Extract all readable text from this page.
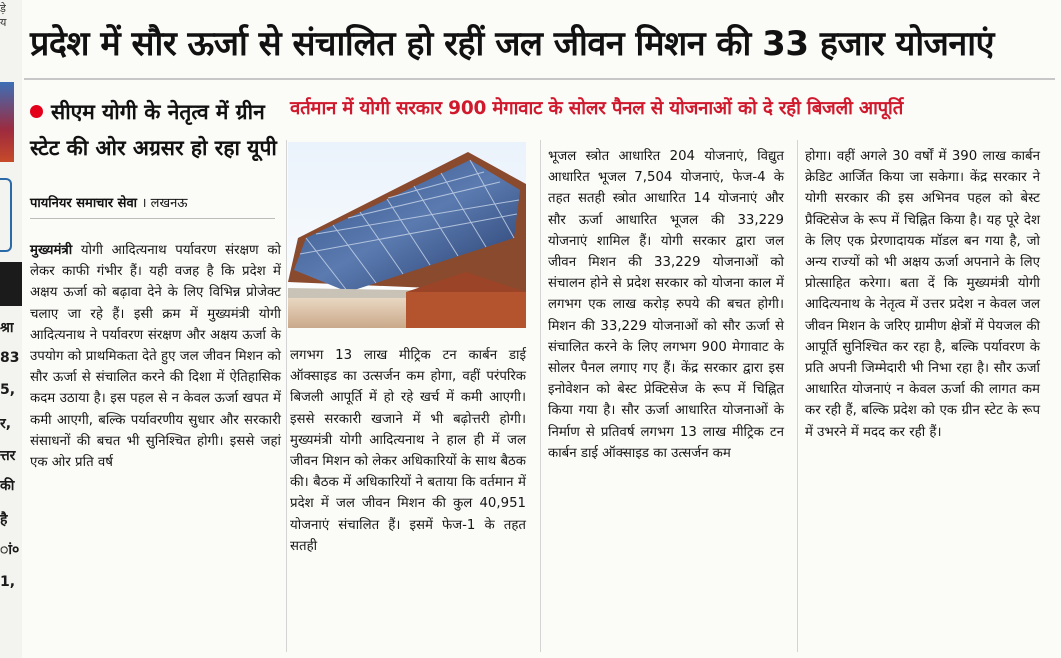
ड़े
य
श्रा
83
5,
र,
त्तर
की
है
ां०
1,
प्रदेश में सौर ऊर्जा से संचालित हो रहीं जल जीवन मिशन की 33 हजार योजनाएं
सीएम योगी के नेतृत्व में ग्रीन स्टेट की ओर अग्रसर हो रहा यूपी
वर्तमान में योगी सरकार 900 मेगावाट के सोलर पैनल से योजनाओं को दे रही बिजली आपूर्ति
पायनियर समाचार सेवा । लखनऊ

मुख्यमंत्री योगी आदित्यनाथ पर्यावरण संरक्षण को लेकर काफी गंभीर हैं। यही वजह है कि प्रदेश में अक्षय ऊर्जा को बढ़ावा देने के लिए विभिन्न प्रोजेक्ट चलाए जा रहे हैं। इसी क्रम में मुख्यमंत्री योगी आदित्यनाथ ने पर्यावरण संरक्षण और अक्षय ऊर्जा के उपयोग को प्राथमिकता देते हुए जल जीवन मिशन को सौर ऊर्जा से संचालित करने की दिशा में ऐतिहासिक कदम उठाया है। इस पहल से न केवल ऊर्जा खपत में कमी आएगी, बल्कि पर्यावरणीय सुधार और सरकारी संसाधनों की बचत भी सुनिश्चित होगी। इससे जहां एक ओर प्रति वर्ष

लगभग 13 लाख मीट्रिक टन कार्बन डाई ऑक्साइड का उत्सर्जन कम होगा, वहीं परंपरिक बिजली आपूर्ति में हो रहे खर्च में कमी आएगी। इससे सरकारी खजाने में भी बढ़ोत्तरी होगी। मुख्यमंत्री योगी आदित्यनाथ ने हाल ही में जल जीवन मिशन को लेकर अधिकारियों के साथ बैठक की। बैठक में अधिकारियों ने बताया कि वर्तमान में प्रदेश में जल जीवन मिशन की कुल 40,951 योजनाएं संचालित हैं। इसमें फेज-1 के तहत सतही

भूजल स्त्रोत आधारित 204 योजनाएं, विद्युत आधारित भूजल 7,504 योजनाएं, फेज-4 के तहत सतही स्त्रोत आधारित 14 योजनाएं और सौर ऊर्जा आधारित भूजल की 33,229 योजनाएं शामिल हैं। योगी सरकार द्वारा जल जीवन मिशन की 33,229 योजनाओं को संचालन होने से प्रदेश सरकार को योजना काल में लगभग एक लाख करोड़ रुपये की बचत होगी। मिशन की 33,229 योजनाओं को सौर ऊर्जा से संचालित करने के लिए लगभग 900 मेगावाट के सोलर पैनल लगाए गए हैं। केंद्र सरकार द्वारा इस इनोवेशन को बेस्ट प्रेक्टिसेज के रूप में चिह्नित किया गया है। सौर ऊर्जा आधारित योजनाओं के निर्माण से प्रतिवर्ष लगभग 13 लाख मीट्रिक टन कार्बन डाई ऑक्साइड का उत्सर्जन कम

होगा। वहीं अगले 30 वर्षों में 390 लाख कार्बन क्रेडिट आर्जित किया जा सकेगा। केंद्र सरकार ने योगी सरकार की इस अभिनव पहल को बेस्ट प्रैक्टिसेज के रूप में चिह्नित किया है। यह पूरे देश के लिए एक प्रेरणादायक मॉडल बन गया है, जो अन्य राज्यों को भी अक्षय ऊर्जा अपनाने के लिए प्रोत्साहित करेगा। बता दें कि मुख्यमंत्री योगी आदित्यनाथ के नेतृत्व में उत्तर प्रदेश न केवल जल जीवन मिशन के जरिए ग्रामीण क्षेत्रों में पेयजल की आपूर्ति सुनिश्चित कर रहा है, बल्कि पर्यावरण के प्रति अपनी जिम्मेदारी भी निभा रहा है। सौर ऊर्जा आधारित योजनाएं न केवल ऊर्जा की लागत कम कर रही हैं, बल्कि प्रदेश को एक ग्रीन स्टेट के रूप में उभरने में मदद कर रही हैं।
